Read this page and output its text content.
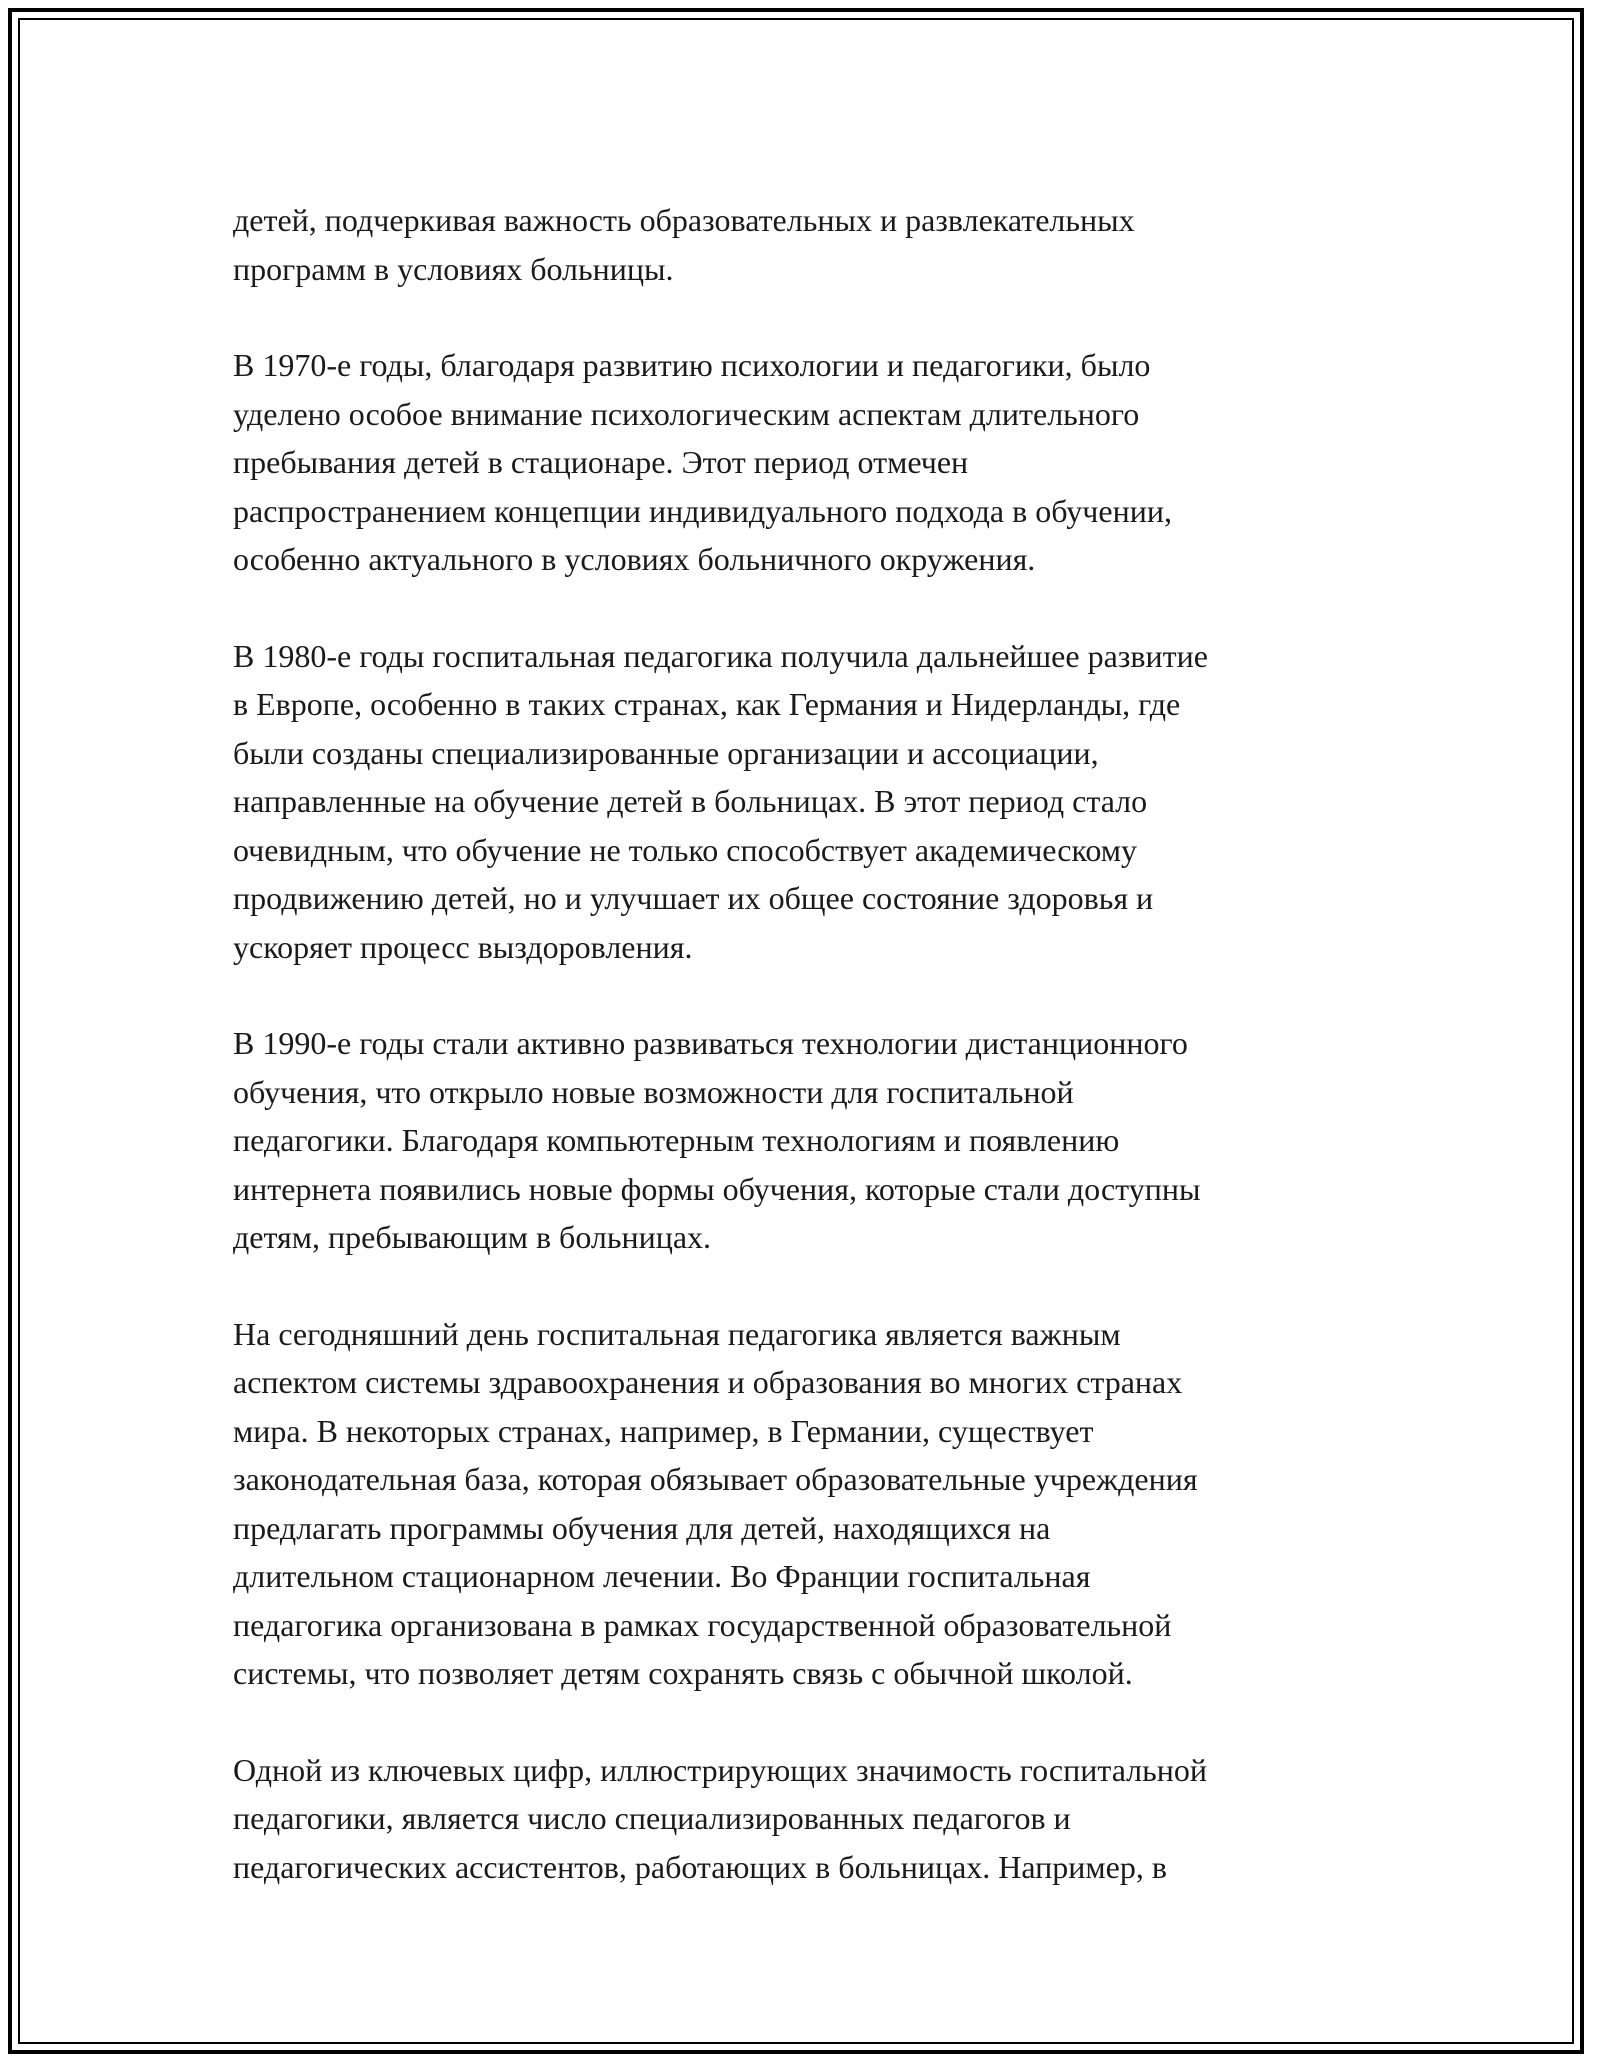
детей, подчеркивая важность образовательных и развлекательных
программ в условиях больницы.

В 1970-е годы, благодаря развитию психологии и педагогики, было
уделено особое внимание психологическим аспектам длительного
пребывания детей в стационаре. Этот период отмечен
распространением концепции индивидуального подхода в обучении,
особенно актуального в условиях больничного окружения.

В 1980-е годы госпитальная педагогика получила дальнейшее развитие
в Европе, особенно в таких странах, как Германия и Нидерланды, где
были созданы специализированные организации и ассоциации,
направленные на обучение детей в больницах. В этот период стало
очевидным, что обучение не только способствует академическому
продвижению детей, но и улучшает их общее состояние здоровья и
ускоряет процесс выздоровления.

В 1990-е годы стали активно развиваться технологии дистанционного
обучения, что открыло новые возможности для госпитальной
педагогики. Благодаря компьютерным технологиям и появлению
интернета появились новые формы обучения, которые стали доступны
детям, пребывающим в больницах.

На сегодняшний день госпитальная педагогика является важным
аспектом системы здравоохранения и образования во многих странах
мира. В некоторых странах, например, в Германии, существует
законодательная база, которая обязывает образовательные учреждения
предлагать программы обучения для детей, находящихся на
длительном стационарном лечении. Во Франции госпитальная
педагогика организована в рамках государственной образовательной
системы, что позволяет детям сохранять связь с обычной школой.

Одной из ключевых цифр, иллюстрирующих значимость госпитальной
педагогики, является число специализированных педагогов и
педагогических ассистентов, работающих в больницах. Например, в
